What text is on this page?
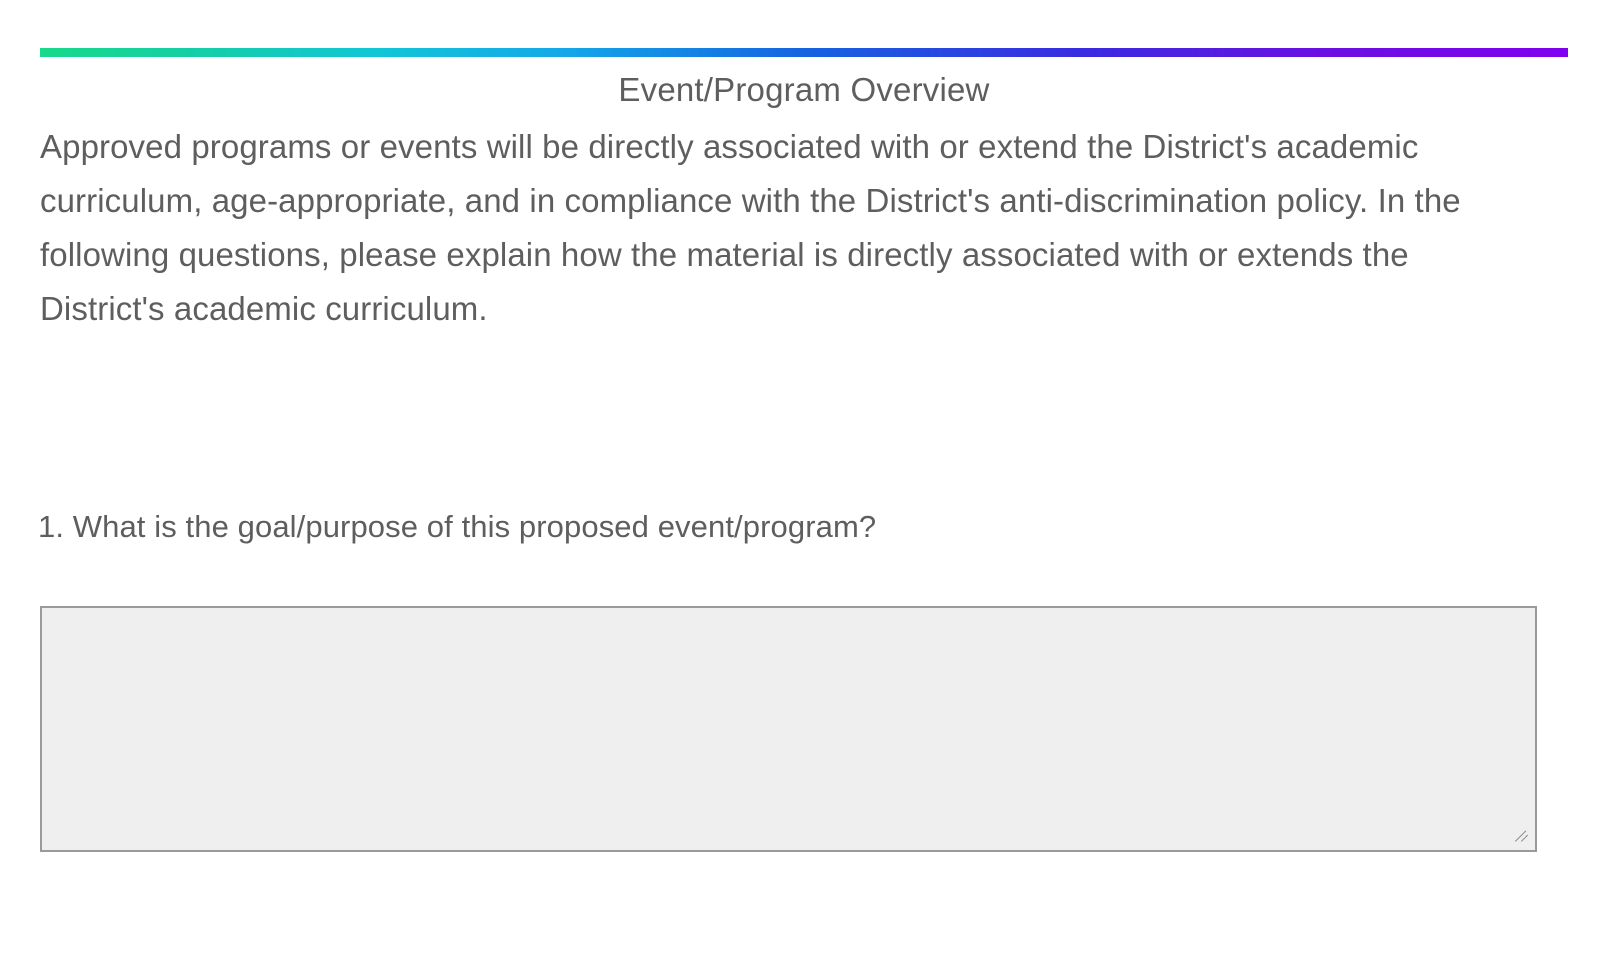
Event/Program Overview
Approved programs or events will be directly associated with or extend the District's academic curriculum, age-appropriate, and in compliance with the District's anti-discrimination policy. In the following questions, please explain how the material is directly associated with or extends the District's academic curriculum.
1. What is the goal/purpose of this proposed event/program?
